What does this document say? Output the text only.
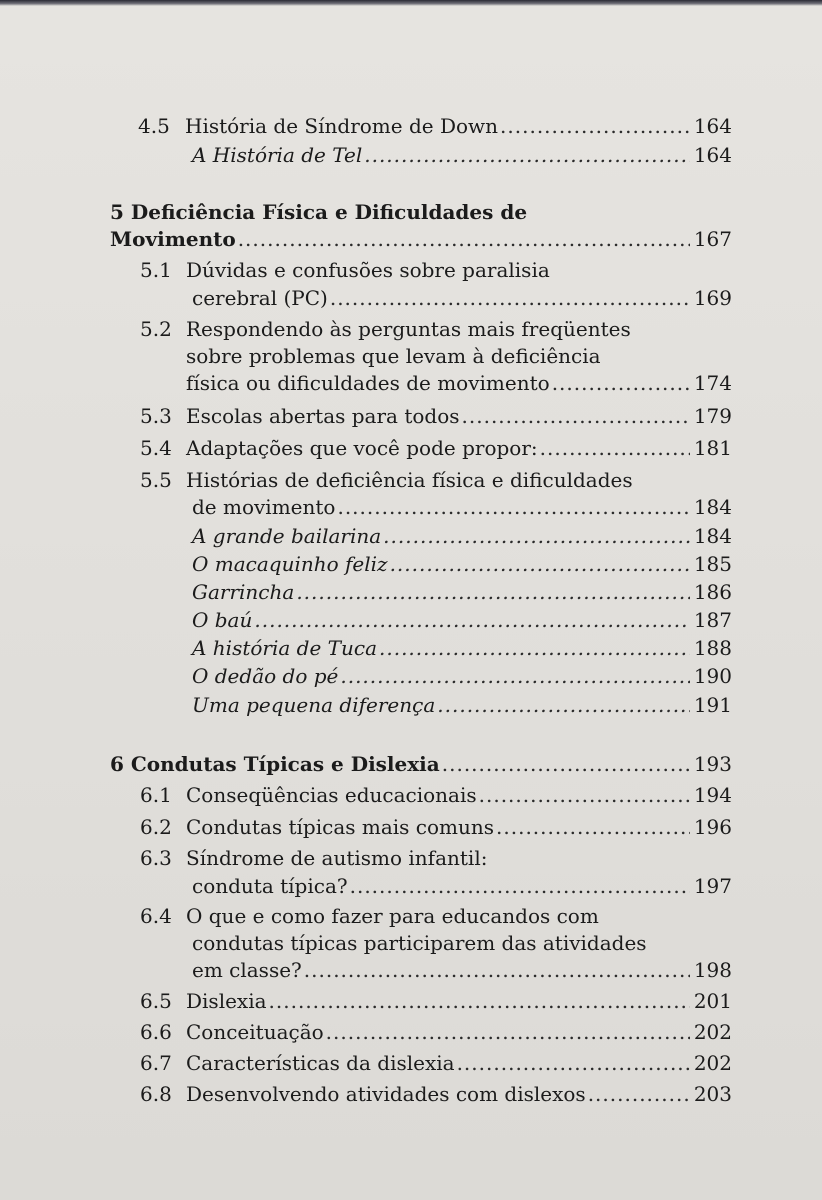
4.5 História de Síndrome de Down .....	164
A História de Tel .....	164
5 Deficiência Física e Dificuldades de
Movimento .....	167
5.1 Dúvidas e confusões sobre paralisia
cerebral (PC) .....	169
5.2 Respondendo às perguntas mais freqüentes
sobre problemas que levam à deficiência
física ou dificuldades de movimento .....	174
5.3 Escolas abertas para todos .....	179
5.4 Adaptações que você pode propor: .....	181
5.5 Histórias de deficiência física e dificuldades
de movimento .....	184
A grande bailarina .....	184
O macaquinho feliz .....	185
Garrincha .....	186
O baú .....	187
A história de Tuca .....	188
O dedão do pé .....	190
Uma pequena diferença .....	191
6 Condutas Típicas e Dislexia .....	193
6.1 Conseqüências educacionais .....	194
6.2 Condutas típicas mais comuns .....	196
6.3 Síndrome de autismo infantil:
conduta típica? .....	197
6.4 O que e como fazer para educandos com
condutas típicas participarem das atividades
em classe? .....	198
6.5 Dislexia .....	201
6.6 Conceituação .....	202
6.7 Características da dislexia .....	202
6.8 Desenvolvendo atividades com dislexos .....	203
